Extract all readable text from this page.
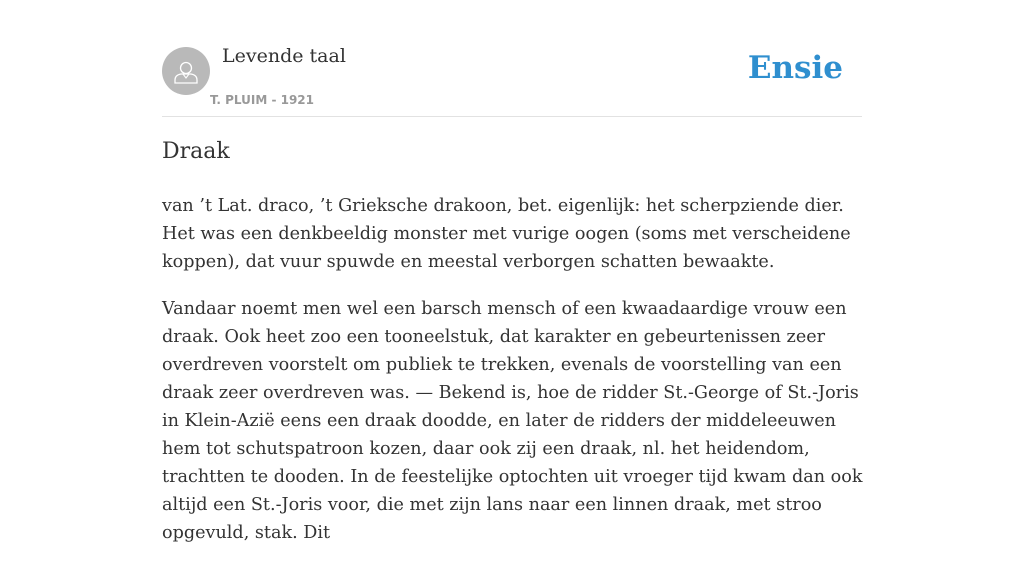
Levende taal
T. PLUIM - 1921
Ensie
Draak

van ’t Lat. draco, ’t Grieksche drakoon, bet. eigenlijk: het scherpziende dier. Het was een denkbeeldig monster met vurige oogen (soms met verscheidene koppen), dat vuur spuwde en meestal verborgen schatten bewaakte.

Vandaar noemt men wel een barsch mensch of een kwaadaardige vrouw een draak. Ook heet zoo een tooneelstuk, dat karakter en gebeurtenissen zeer overdreven voorstelt om publiek te trekken, evenals de voorstelling van een draak zeer overdreven was. — Bekend is, hoe de ridder St.-George of St.-Joris in Klein-Azië eens een draak doodde, en later de ridders der middeleeuwen hem tot schutspatroon kozen, daar ook zij een draak, nl. het heidendom, trachtten te dooden. In de feestelijke optochten uit vroeger tijd kwam dan ook altijd een St.-Joris voor, die met zijn lans naar een linnen draak, met stroo opgevuld, stak. Dit
